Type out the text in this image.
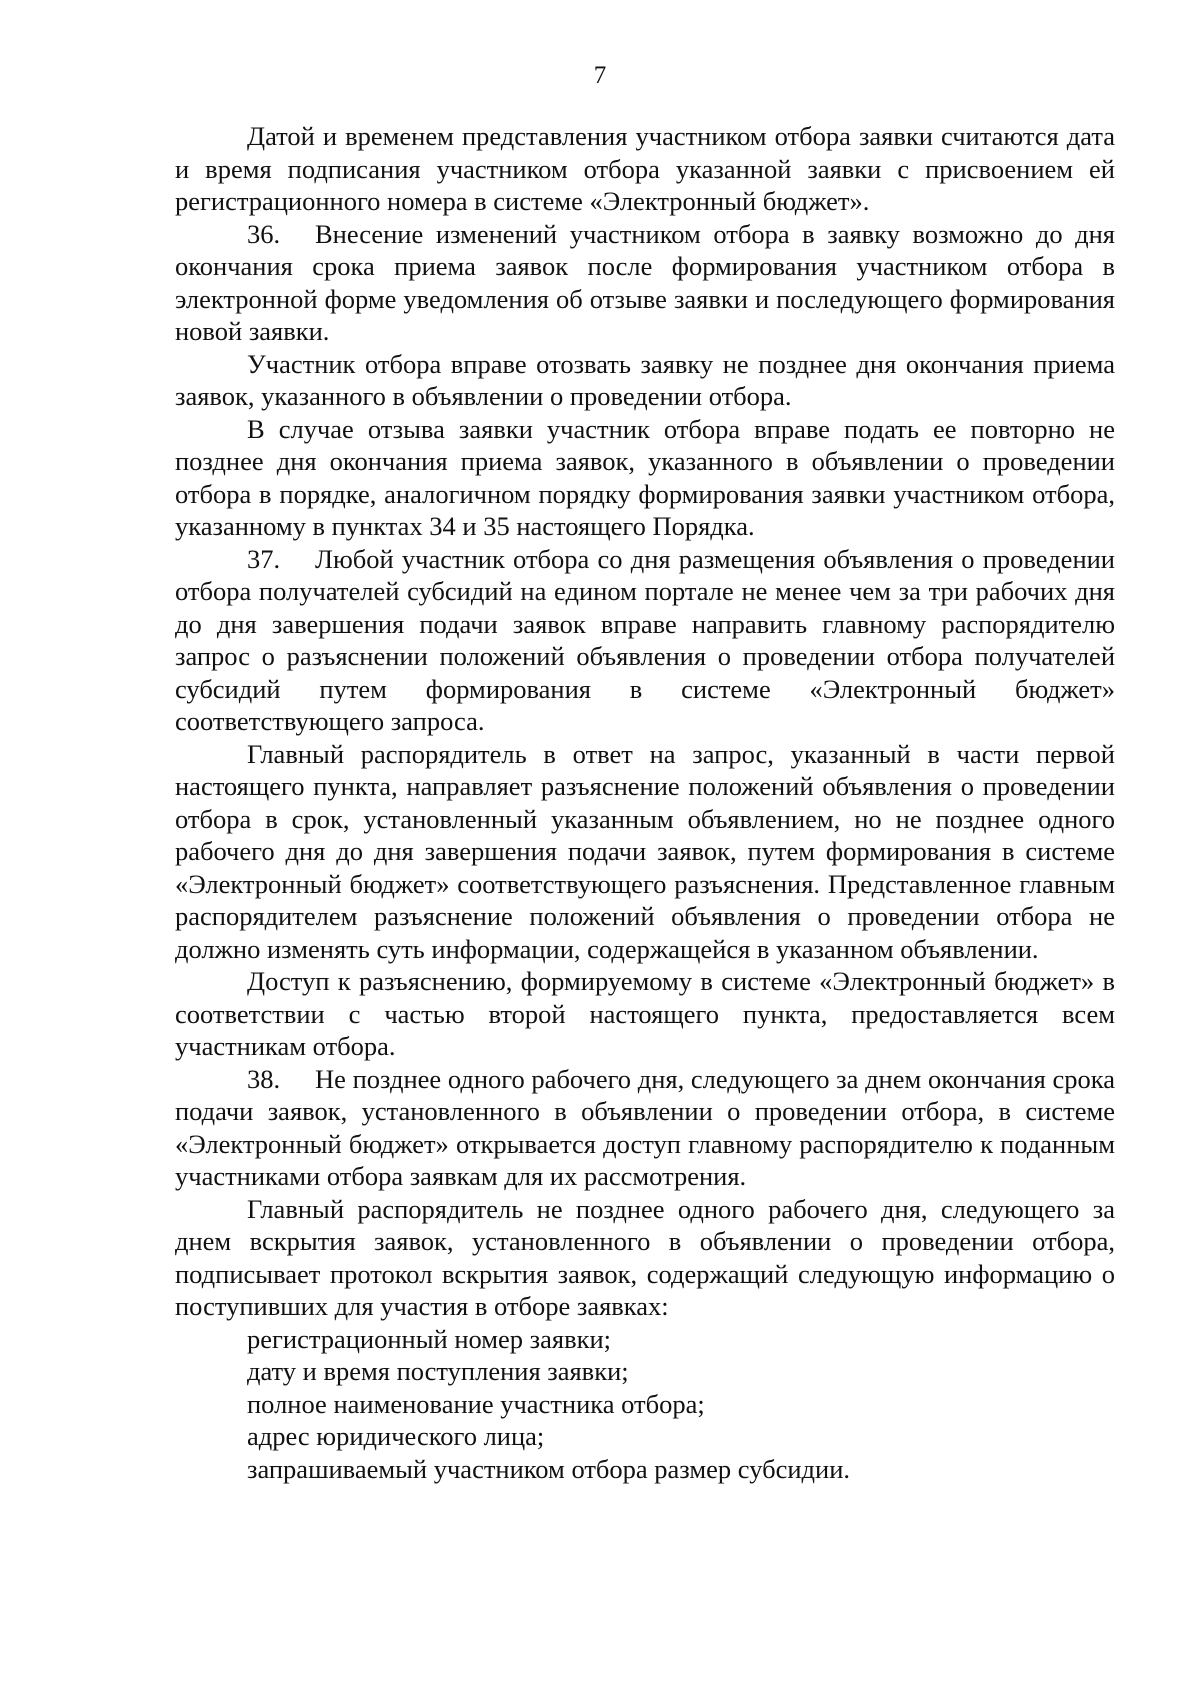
7

Датой и временем представления участником отбора заявки считаются дата и время подписания участником отбора указанной заявки с присвоением ей регистрационного номера в системе «Электронный бюджет».

36. Внесение изменений участником отбора в заявку возможно до дня окончания срока приема заявок после формирования участником отбора в электронной форме уведомления об отзыве заявки и последующего формирования новой заявки.

Участник отбора вправе отозвать заявку не позднее дня окончания приема заявок, указанного в объявлении о проведении отбора.

В случае отзыва заявки участник отбора вправе подать ее повторно не позднее дня окончания приема заявок, указанного в объявлении о проведении отбора в порядке, аналогичном порядку формирования заявки участником отбора, указанному в пунктах 34 и 35 настоящего Порядка.

37. Любой участник отбора со дня размещения объявления о проведении отбора получателей субсидий на едином портале не менее чем за три рабочих дня до дня завершения подачи заявок вправе направить главному распорядителю запрос о разъяснении положений объявления о проведении отбора получателей субсидий путем формирования в системе «Электронный бюджет» соответствующего запроса.

Главный распорядитель в ответ на запрос, указанный в части первой настоящего пункта, направляет разъяснение положений объявления о проведении отбора в срок, установленный указанным объявлением, но не позднее одного рабочего дня до дня завершения подачи заявок, путем формирования в системе «Электронный бюджет» соответствующего разъяснения. Представленное главным распорядителем разъяснение положений объявления о проведении отбора не должно изменять суть информации, содержащейся в указанном объявлении.

Доступ к разъяснению, формируемому в системе «Электронный бюджет» в соответствии с частью второй настоящего пункта, предоставляется всем участникам отбора.

38. Не позднее одного рабочего дня, следующего за днем окончания срока подачи заявок, установленного в объявлении о проведении отбора, в системе «Электронный бюджет» открывается доступ главному распорядителю к поданным участниками отбора заявкам для их рассмотрения.

Главный распорядитель не позднее одного рабочего дня, следующего за днем вскрытия заявок, установленного в объявлении о проведении отбора, подписывает протокол вскрытия заявок, содержащий следующую информацию о поступивших для участия в отборе заявках:

регистрационный номер заявки;

дату и время поступления заявки;

полное наименование участника отбора;

адрес юридического лица;

запрашиваемый участником отбора размер субсидии.
